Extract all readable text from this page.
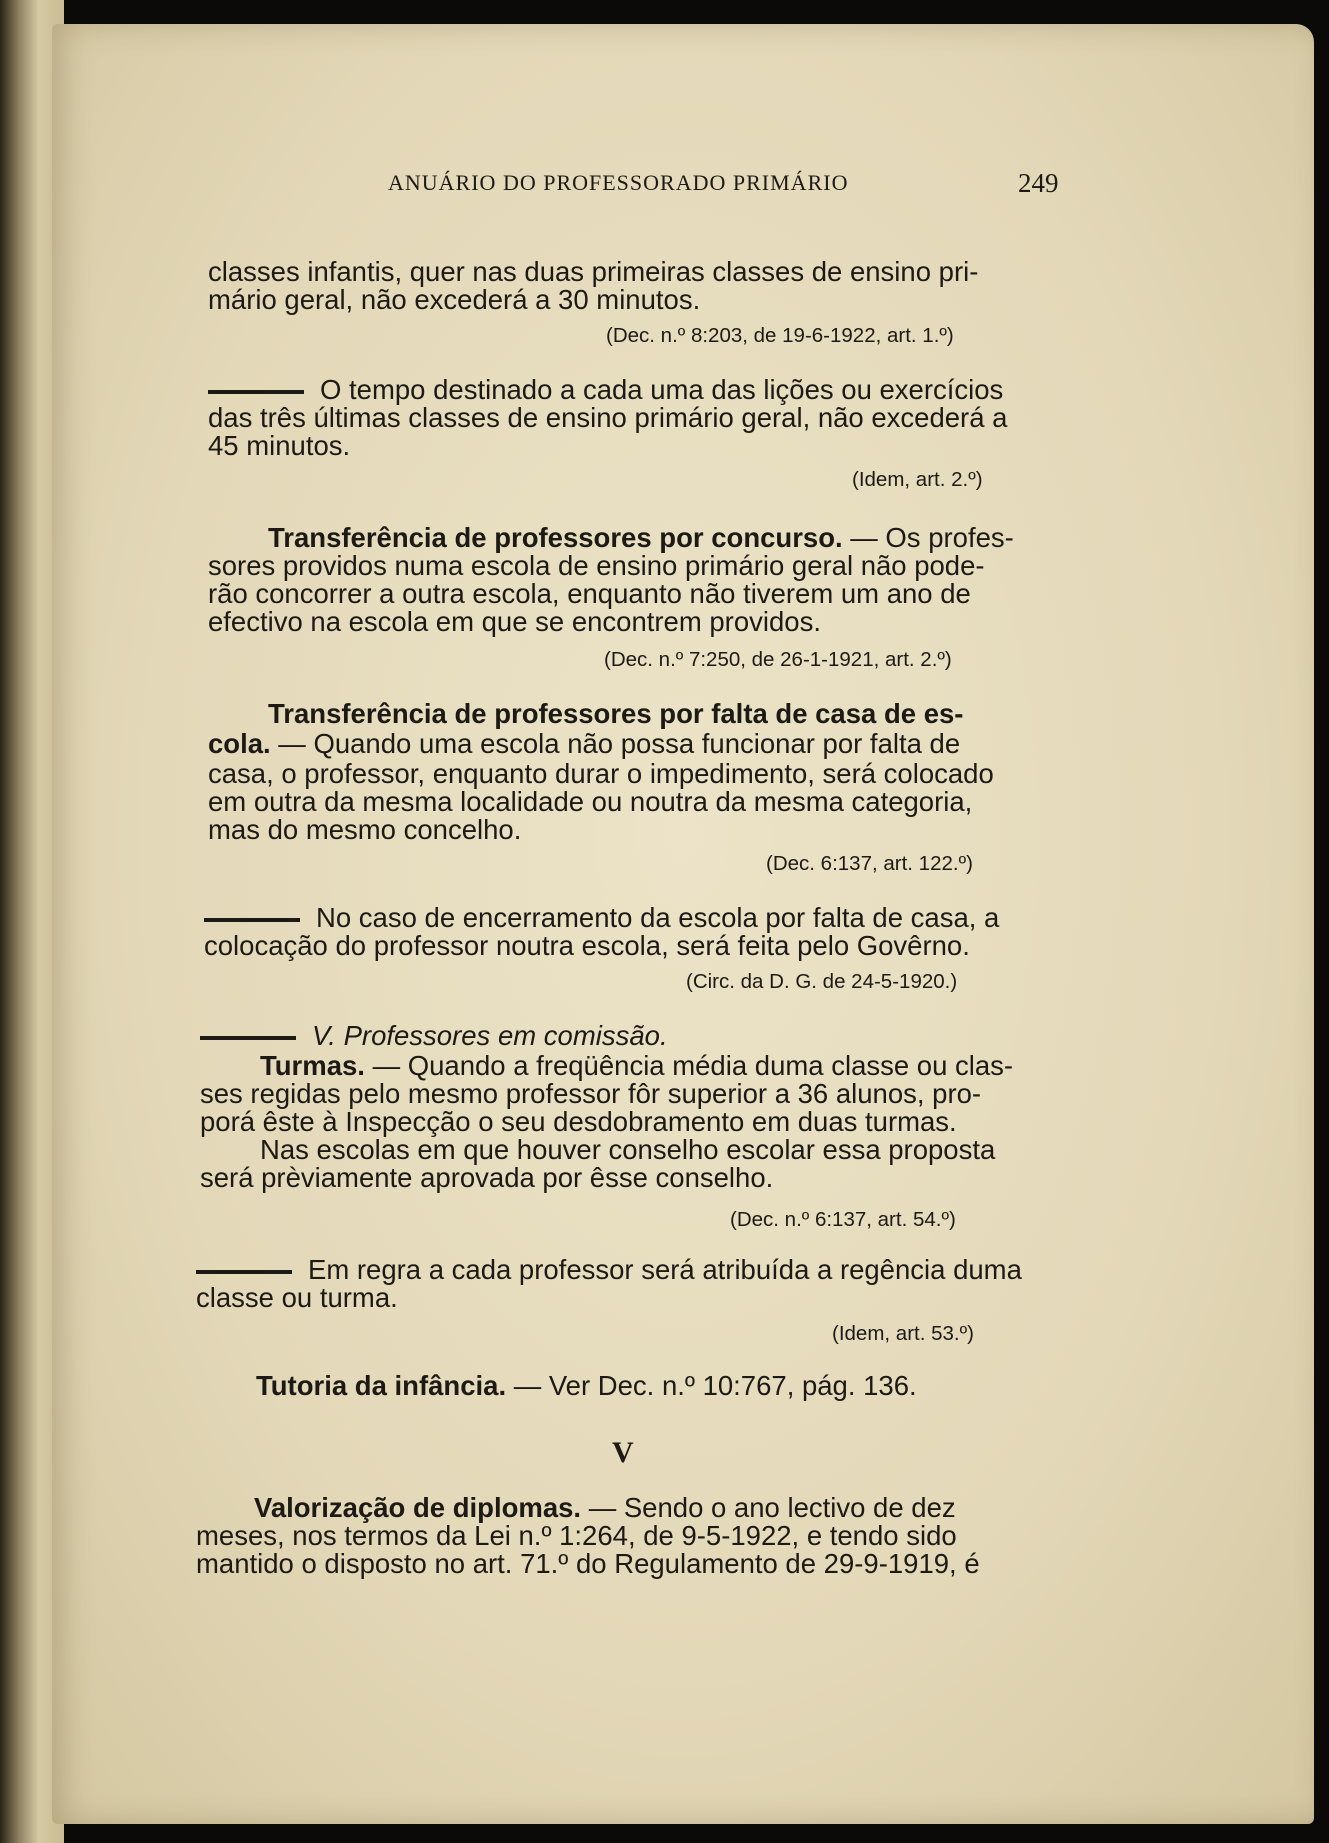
ANUÁRIO DO PROFESSORADO PRIMÁRIO	249
classes infantis, quer nas duas primeiras classes de ensino pri-
mário geral, não excederá a 30 minutos.
(Dec. n.º 8:203, de 19-6-1922, art. 1.º)
O tempo destinado a cada uma das lições ou exercícios
das três últimas classes de ensino primário geral, não excederá a
45 minutos.
(Idem, art. 2.º)
Transferência de professores por concurso. — Os profes-
sores providos numa escola de ensino primário geral não pode-
rão concorrer a outra escola, enquanto não tiverem um ano de
efectivo na escola em que se encontrem providos.
(Dec. n.º 7:250, de 26-1-1921, art. 2.º)
Transferência de professores por falta de casa de es-
cola. — Quando uma escola não possa funcionar por falta de
casa, o professor, enquanto durar o impedimento, será colocado
em outra da mesma localidade ou noutra da mesma categoria,
mas do mesmo concelho.
(Dec. 6:137, art. 122.º)
No caso de encerramento da escola por falta de casa, a
colocação do professor noutra escola, será feita pelo Govêrno.
(Circ. da D. G. de 24-5-1920.)
V. Professores em comissão.
Turmas. — Quando a freqüência média duma classe ou clas-
ses regidas pelo mesmo professor fôr superior a 36 alunos, pro-
porá êste à Inspecção o seu desdobramento em duas turmas.
Nas escolas em que houver conselho escolar essa proposta
será prèviamente aprovada por êsse conselho.
(Dec. n.º 6:137, art. 54.º)
Em regra a cada professor será atribuída a regência duma
classe ou turma.
(Idem, art. 53.º)
Tutoria da infância. — Ver Dec. n.º 10:767, pág. 136.
V
Valorização de diplomas. — Sendo o ano lectivo de dez
meses, nos termos da Lei n.º 1:264, de 9-5-1922, e tendo sido
mantido o disposto no art. 71.º do Regulamento de 29-9-1919, é
